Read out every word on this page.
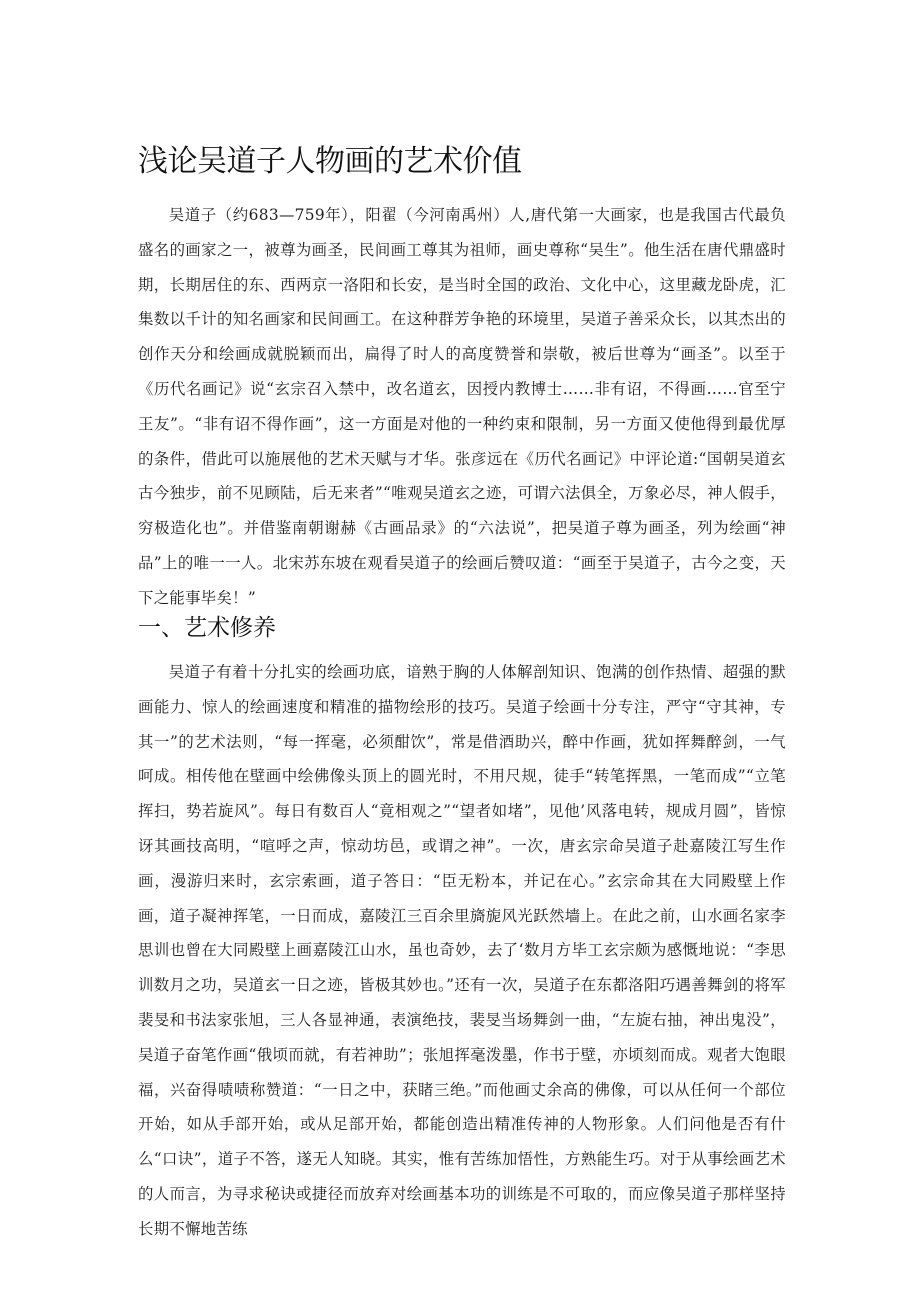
浅论吴道子人物画的艺术价值

吴道子（约683—759年），阳翟（今河南禹州）人,唐代第一大画家，也是我国古代最负盛名的画家之一，被尊为画圣，民间画工尊其为祖师，画史尊称“吴生”。他生活在唐代鼎盛时期，长期居住的东、西两京一洛阳和长安，是当时全国的政治、文化中心，这里藏龙卧虎，汇集数以千计的知名画家和民间画工。在这种群芳争艳的环境里，吴道子善采众长，以其杰出的创作天分和绘画成就脱颖而出，扁得了时人的高度赞誉和崇敬，被后世尊为“画圣”。以至于《历代名画记》说“玄宗召入禁中，改名道玄，因授内教博士……非有诏，不得画……官至宁王友”。“非有诏不得作画”，这一方面是对他的一种约束和限制，另一方面又使他得到最优厚的条件，借此可以施展他的艺术天赋与才华。张彦远在《历代名画记》中评论道:“国朝吴道玄古今独步，前不见顾陆，后无来者”“唯观吴道玄之迹，可谓六法俱全，万象必尽，神人假手，穷极造化也”。并借鉴南朝谢赫《古画品录》的“六法说”，把吴道子尊为画圣，列为绘画“神品”上的唯一一人。北宋苏东坡在观看吴道子的绘画后赞叹道：“画至于吴道子，古今之变，天下之能事毕矣！”

一、艺术修养

吴道子有着十分扎实的绘画功底，谙熟于胸的人体解剖知识、饱满的创作热情、超强的默画能力、惊人的绘画速度和精准的描物绘形的技巧。吴道子绘画十分专注，严守“守其神，专其一”的艺术法则，“每一挥毫，必须酣饮”，常是借酒助兴，醉中作画，犹如挥舞醉剑，一气呵成。相传他在壁画中绘佛像头顶上的圆光时，不用尺规，徒手“转笔挥黑，一笔而成”“立笔挥扫，势若旋风”。每日有数百人“竟相观之”“望者如堵”，见他’风落电转，规成月圆”，皆惊讶其画技高明，“喧呼之声，惊动坊邑，或谓之神”。一次，唐玄宗命吴道子赴嘉陵江写生作画，漫游归来时，玄宗索画，道子答日：“臣无粉本，并记在心。”玄宗命其在大同殿壁上作画，道子凝神挥笔，一日而成，嘉陵江三百余里旖旎风光跃然墙上。在此之前，山水画名家李思训也曾在大同殿壁上画嘉陵江山水，虽也奇妙，去了‘数月方毕工玄宗颇为感慨地说：“李思训数月之功，吴道玄一日之迹，皆极其妙也。”还有一次，吴道子在东都洛阳巧遇善舞剑的将军裴旻和书法家张旭，三人各显神通，表演绝技，裴旻当场舞剑一曲，“左旋右抽，神出鬼没”，吴道子奋笔作画“俄顷而就，有若神助”；张旭挥毫泼墨，作书于壁，亦顷刻而成。观者大饱眼福，兴奋得啧啧称赞道：“一日之中，获睹三绝。”而他画丈余高的佛像，可以从任何一个部位开始，如从手部开始，或从足部开始，都能创造出精准传神的人物形象。人们问他是否有什么“口诀”，道子不答，遂无人知晓。其实，惟有苦练加悟性，方熟能生巧。对于从事绘画艺术的人而言，为寻求秘诀或捷径而放弃对绘画基本功的训练是不可取的，而应像吴道子那样坚持长期不懈地苦练
